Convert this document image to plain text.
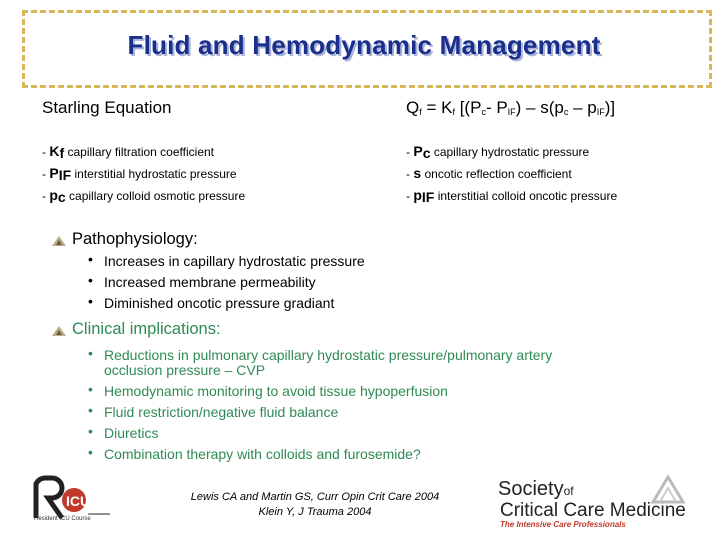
Fluid and Hemodynamic Management
Starling Equation	$Q_f = K_f$ [($P_c-$ $P_{IF}) - s(p_c - p_{IF})$]
- $K_f$ capillary filtration coefficient
- $P_{IF}$ interstitial hydrostatic pressure
- $p_c$ capillary colloid osmotic pressure
- $P_c$ capillary hydrostatic pressure
- s oncotic reflection coefficient
- $p_{IF}$ interstitial colloid oncotic pressure
Pathophysiology:
• Increases in capillary hydrostatic pressure
• Increased membrane permeability
• Diminished oncotic pressure gradiant
Clinical implications:
• Reductions in pulmonary capillary hydrostatic pressure/pulmonary artery
occlusion pressure – CVP
• Hemodynamic monitoring to avoid tissue hypoperfusion
• Fluid restriction/negative fluid balance
• Diuretics
• Combination therapy with colloids and furosemide?
ICU
Resident ICU Course
Lewis CA and Martin GS, Curr Opin Crit Care 2004
Klein Y, J Trauma 2004
Societyof
Critical Care Medicine
The Intensive Care Professionals
